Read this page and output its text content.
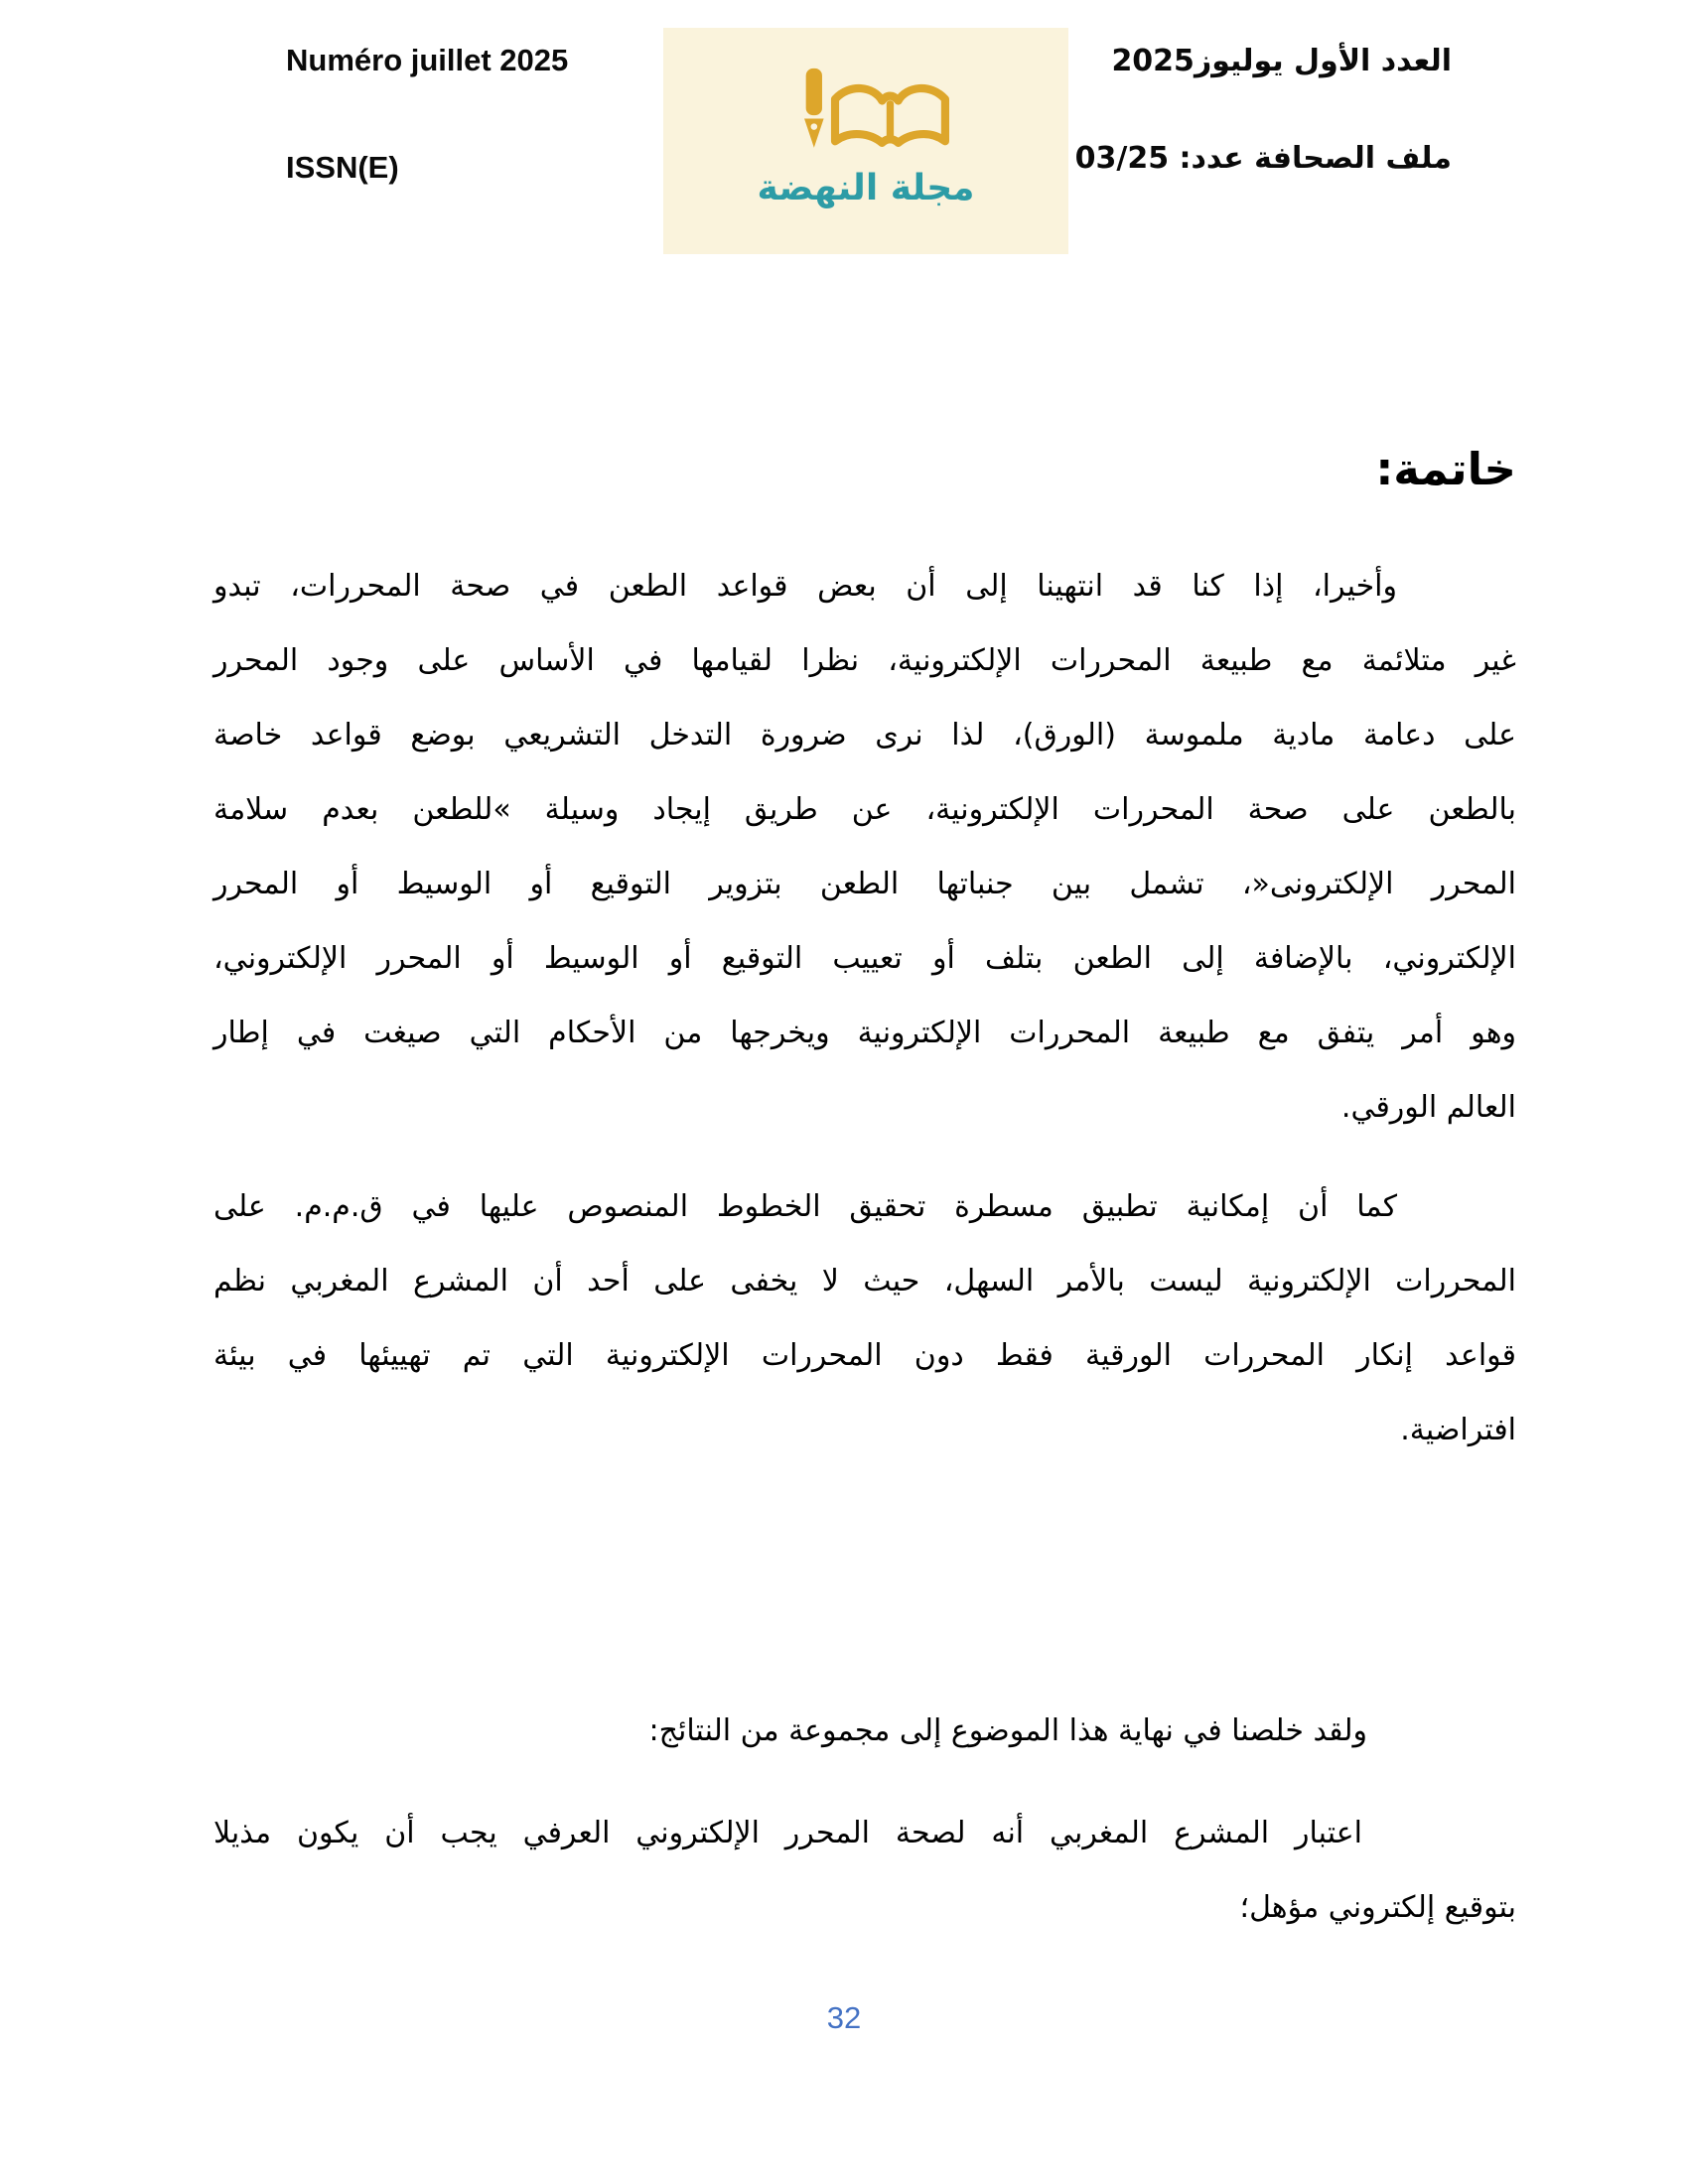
Numéro juillet 2025
ISSN(E)
مجلة النهضة
العدد الأول يوليوز2025
ملف الصحافة عدد: 03/25
خاتمة:
وأخيرا، إذا كنا قد انتهينا إلى أن بعض قواعد الطعن في صحة المحررات، تبدو
غير متلائمة مع طبيعة المحررات الإلكترونية، نظرا لقيامها في الأساس على وجود المحرر
على دعامة مادية ملموسة (الورق)، لذا نرى ضرورة التدخل التشريعي بوضع قواعد خاصة
بالطعن على صحة المحررات الإلكترونية، عن طريق إيجاد وسيلة »للطعن بعدم سلامة
المحرر الإلكترونى«، تشمل بين جنباتها الطعن بتزوير التوقيع أو الوسيط أو المحرر
الإلكتروني، بالإضافة إلى الطعن بتلف أو تعييب التوقيع أو الوسيط أو المحرر الإلكتروني،
وهو أمر يتفق مع طبيعة المحررات الإلكترونية ويخرجها من الأحكام التي صيغت في إطار
العالم الورقي.
كما أن إمكانية تطبيق مسطرة تحقيق الخطوط المنصوص عليها في ق.م.م. على
المحررات الإلكترونية ليست بالأمر السهل، حيث لا يخفى على أحد أن المشرع المغربي نظم
قواعد إنكار المحررات الورقية فقط دون المحررات الإلكترونية التي تم تهييئها في بيئة
افتراضية.
ولقد خلصنا في نهاية هذا الموضوع إلى مجموعة من النتائج:
اعتبار المشرع المغربي أنه لصحة المحرر الإلكتروني العرفي يجب أن يكون مذيلا
بتوقيع إلكتروني مؤهل؛
32
